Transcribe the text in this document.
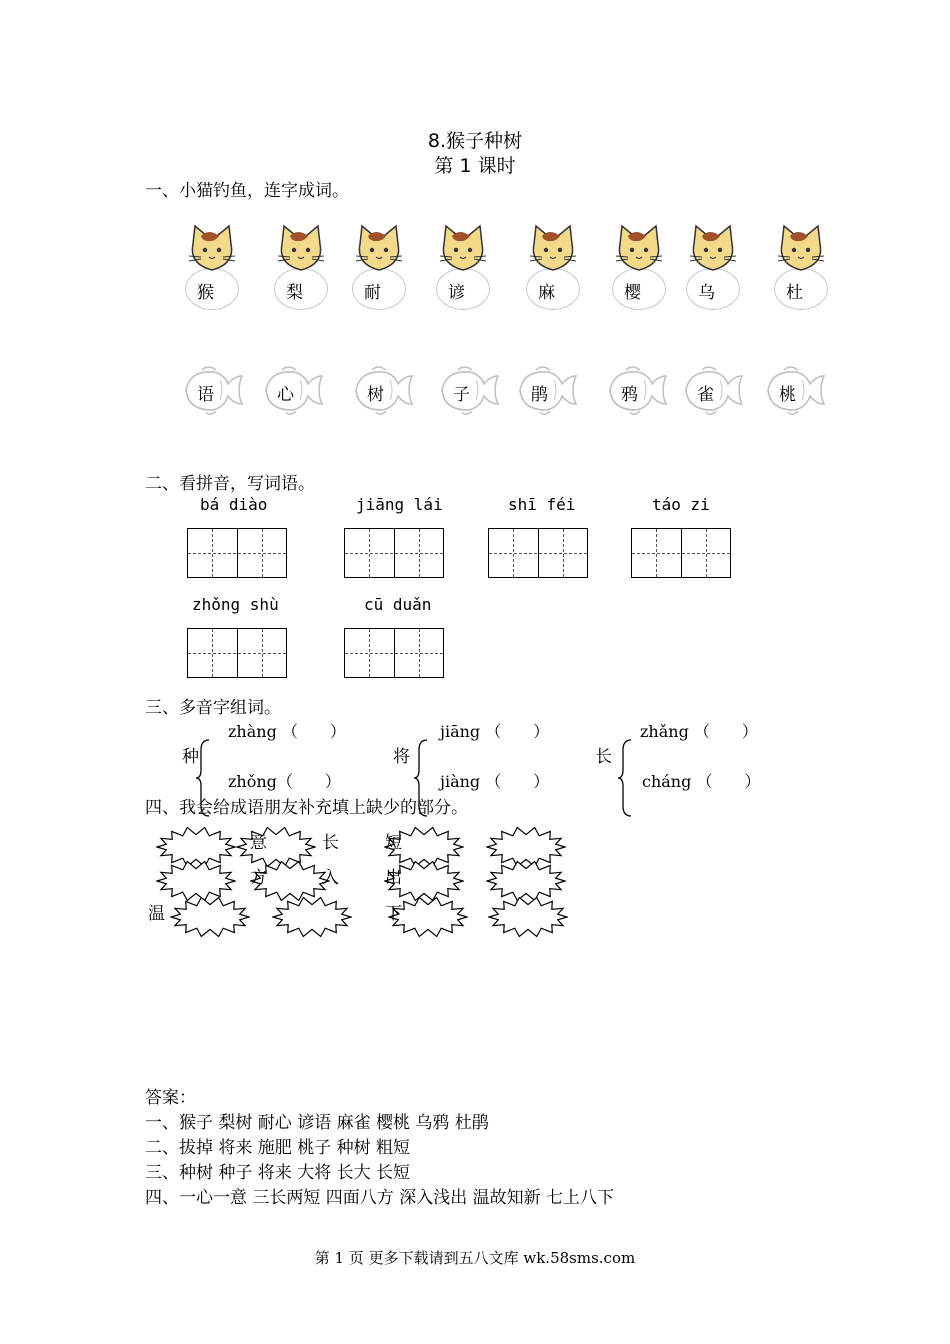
8.猴子种树
第 1 课时
一、小猫钓鱼，连字成词。
猴	梨	耐	谚	麻	樱	乌	杜
语	心	树	子	鹃	鸦	雀	桃
二、看拼音，写词语。
bá diào	jiāng lái	shī féi	táo zi
zhǒng shù	cū duǎn
三、多音字组词。
种
zhàng （　　）
zhǒng（　　）
将
jiāng （　　）
jiàng （　　）
长
zhǎng （　　）
cháng （　　）
四、我会给成语朋友补充填上缺少的部分。
意	长	短
方	入	出
温	下
答案：
一、猴子 梨树 耐心 谚语 麻雀 樱桃 乌鸦 杜鹃
二、拔掉 将来 施肥 桃子 种树 粗短
三、种树 种子 将来 大将 长大 长短
四、一心一意 三长两短 四面八方 深入浅出 温故知新 七上八下
第 1 页 更多下载请到五八文库 wk.58sms.com
